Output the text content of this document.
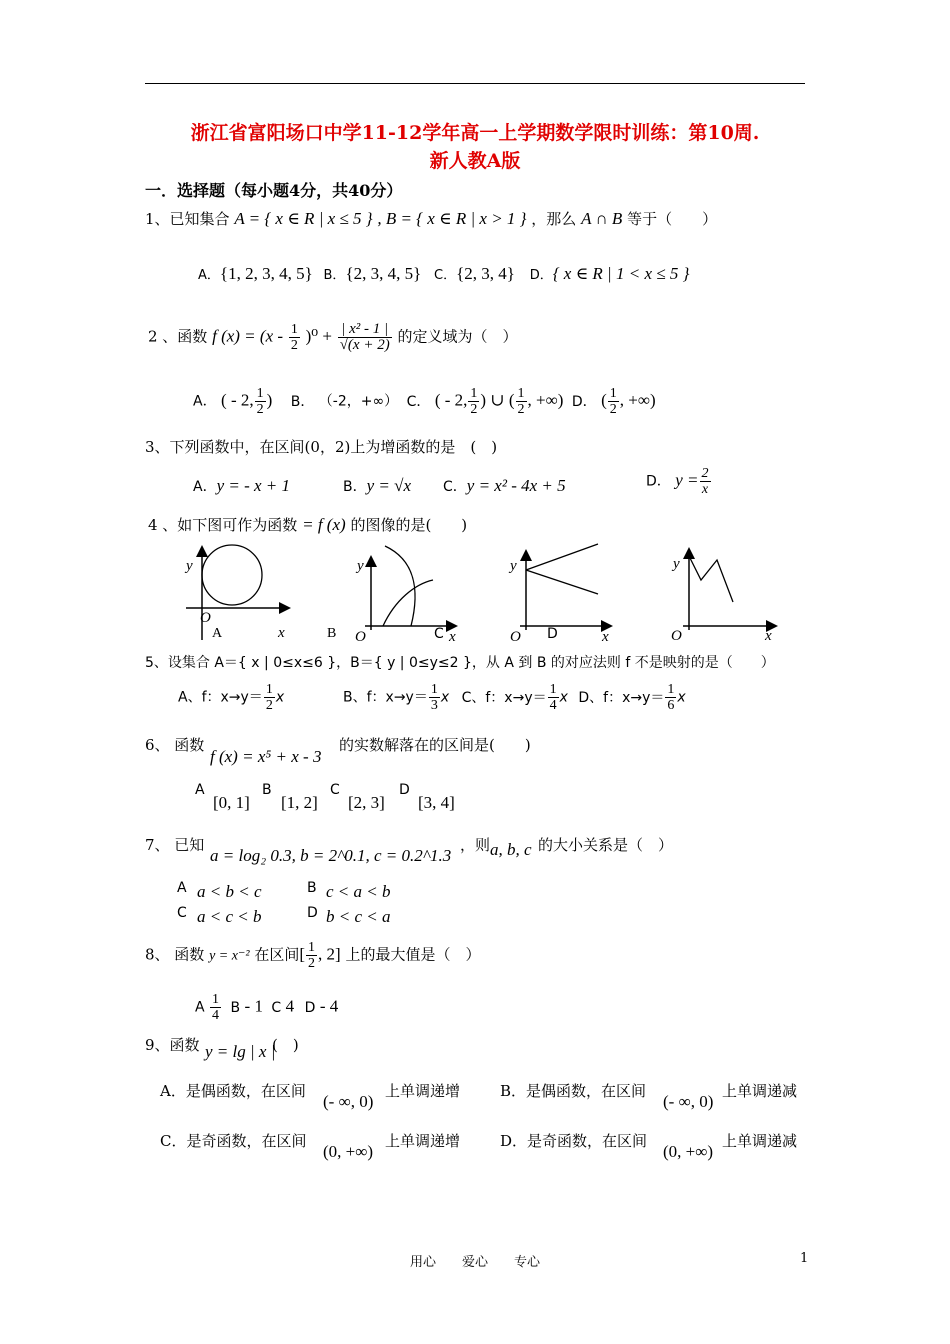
浙江省富阳场口中学11-12学年高一上学期数学限时训练：第10周.
新人教A版
一．选择题（每小题4分，共40分）
1、已知集合 A = { x ∈ R | x ≤ 5 } , B = { x ∈ R | x > 1 } ，那么 A ∩ B 等于（　　）
A．{1, 2, 3, 4, 5} B．{2, 3, 4, 5} C．{2, 3, 4} D．{ x ∈ R | 1 < x ≤ 5 }
2 、函数 f $(x) = (x - \frac{1}{2} )^0 + \frac{\text{| x² - 1 |}}{√(x + 2)}$ 的定义域为（　）
A． ( - 2, $\frac{1}{2}$ ) B． （-2，+∞） C． ( - 2, $\frac{1}{2}$ ) ∪ ( $\frac{1}{2}$ , +∞) D． ( $\frac{1}{2}$ , +∞)
3、下列函数中，在区间(0，2)上为增函数的是　(　)
A．y = - x + 1	B．y = √x C．y = x² - 4x + 5	D． $y = \frac{2}{x}$
4 、如下图可作为函数 = f (x) 的图像的是(　　)
y
O
A	x
y
O
B	x
C
y
O	x
D
y
O	x
5、设集合 A＝{ x | 0≤x≤6 }，B＝{ y | 0≤y≤2 }，从 A 到 B 的对应法则 f 不是映射的是（　　）
A、f：$x\to y= \frac{1}{2}$ x	B、f：$x\to y= \frac{1}{3}$ x C、f：$x\to y= \frac{1}{4}$ x D、f：$x\to y= \frac{1}{6}$ x
6、 函数
f (x) = x⁵ + x - 3
的实数解落在的区间是(　　)
A
[0, 1]
B
[1, 2]
C
[2, 3]
D
[3, 4]
7、 已知
a = log₂ 0.3, b = 2^0.1, c = 0.2^1.3
，则 a, b, c 的大小关系是（　）
A a < b < c	B c < a < b
C a < c < b	D b < c < a
8、 函数 y = x⁻² 在区间[ $\frac{1}{2}$ , 2] 上的最大值是（　）
A $\frac{1}{4}$ B - 1 C 4 D - 4
9、函数 y = lg | x |
(　)
A．是偶函数，在区间
(- ∞, 0)
上单调递增	B．是偶函数，在区间
(- ∞, 0)
上单调递减
C．是奇函数，在区间
(0, +∞)
上单调递增	D．是奇函数，在区间
(0, +∞)
上单调递减
用心　　爱心　　专心	1
